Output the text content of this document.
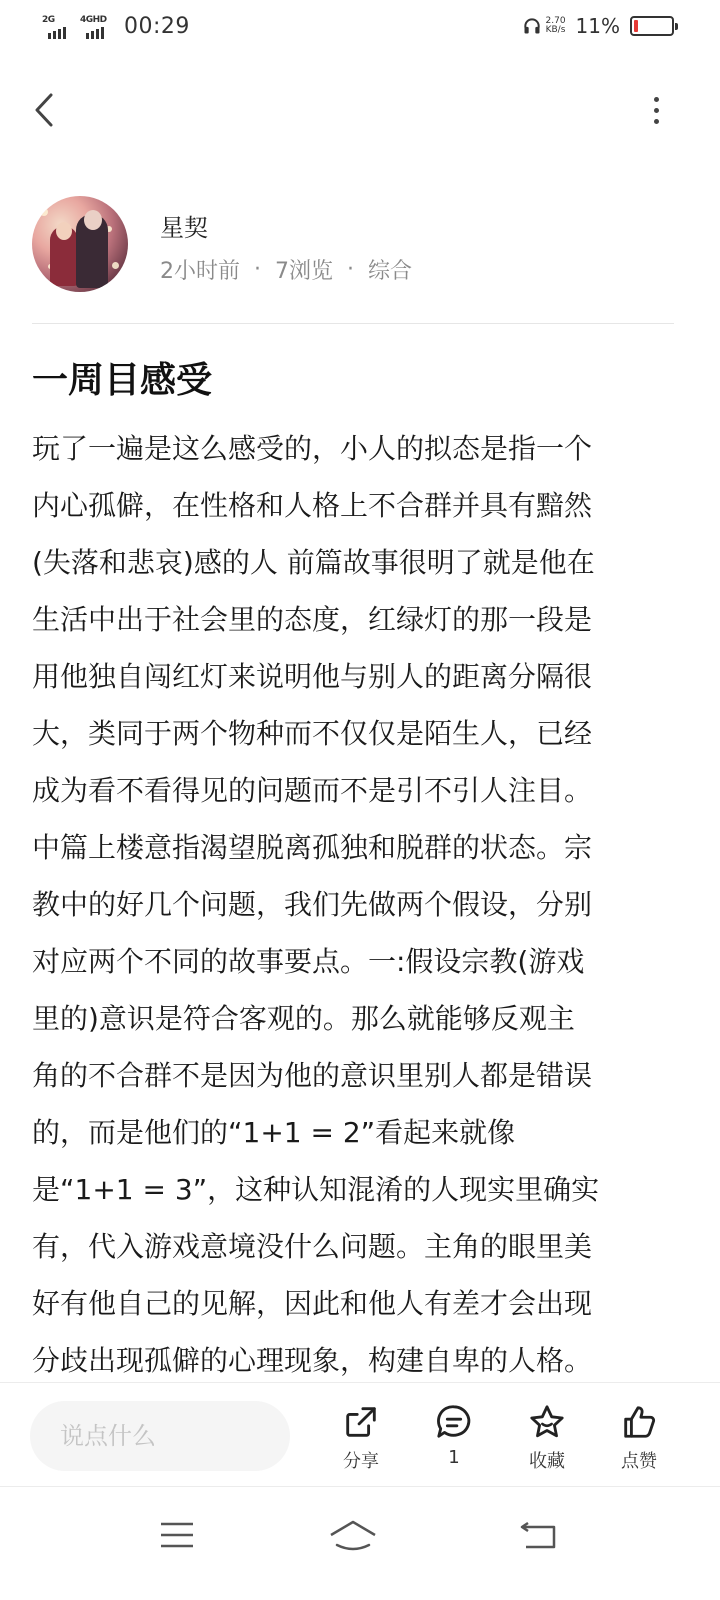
2G	4GHD 00:29	2.70
KB/s 11%
星契
2小时前 · 7浏览 · 综合
一周目感受
玩了一遍是这么感受的，小人的拟态是指一个
内心孤僻，在性格和人格上不合群并具有黯然
(失落和悲哀)感的人 前篇故事很明了就是他在
生活中出于社会里的态度，红绿灯的那一段是
用他独自闯红灯来说明他与别人的距离分隔很
大，类同于两个物种而不仅仅是陌生人，已经
成为看不看得见的问题而不是引不引人注目。
中篇上楼意指渴望脱离孤独和脱群的状态。宗
教中的好几个问题，我们先做两个假设，分别
对应两个不同的故事要点。一:假设宗教(游戏
里的)意识是符合客观的。那么就能够反观主
角的不合群不是因为他的意识里别人都是错误
的，而是他们的“1+1 = 2”看起来就像
是“1+1 = 3”，这种认知混淆的人现实里确实
有，代入游戏意境没什么问题。主角的眼里美
好有他自己的见解，因此和他人有差才会出现
分歧出现孤僻的心理现象，构建自卑的人格。
说点什么
分享	1	收藏	点赞
